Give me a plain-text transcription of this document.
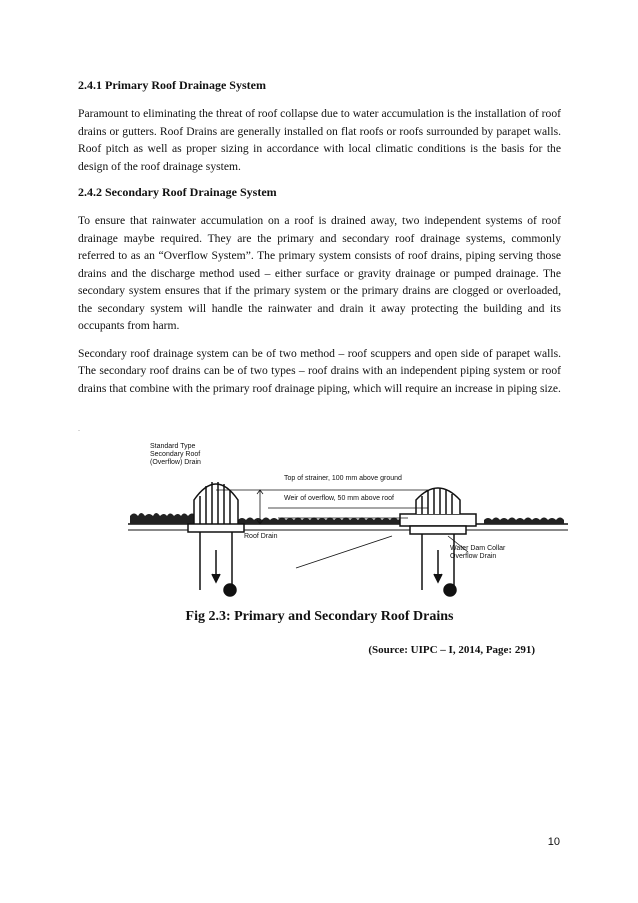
2.4.1 Primary Roof Drainage System

Paramount to eliminating the threat of roof collapse due to water accumulation is the installation of roof drains or gutters. Roof Drains are generally installed on flat roofs or roofs surrounded by parapet walls. Roof pitch as well as proper sizing in accordance with local climatic conditions is the basis for the design of the roof drainage system.

2.4.2 Secondary Roof Drainage System

To ensure that rainwater accumulation on a roof is drained away, two independent systems of roof drainage maybe required. They are the primary and secondary roof drainage systems, commonly referred to as an “Overflow System”. The primary system consists of roof drains, piping serving those drains and the discharge method used – either surface or gravity drainage or pumped drainage. The secondary system ensures that if the primary system or the primary drains are clogged or overloaded, the secondary system will handle the rainwater and drain it away protecting the building and its occupants from harm.

Secondary roof drainage system can be of two method – roof scuppers and open side of parapet walls. The secondary roof drains can be of two types – roof drains with an independent piping system or roof drains that combine with the primary roof drainage piping, which will require an increase in piping size.

.
Standard Type
Secondary Roof
(Overflow) Drain
Top of strainer, 100 mm above ground
Weir of overflow, 50 mm above roof
Roof Drain
Water Dam Collar
Overflow Drain
Fig 2.3: Primary and Secondary Roof Drains
(Source: UIPC – I, 2014, Page: 291)
10
